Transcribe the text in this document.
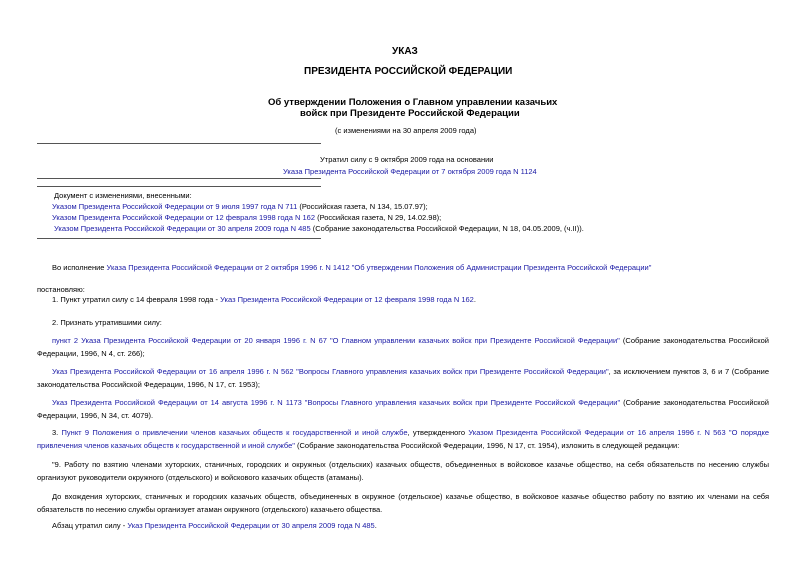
УКАЗ
ПРЕЗИДЕНТА РОССИЙСКОЙ ФЕДЕРАЦИИ
Об утверждении Положения о Главном управлении казачьих
войск при Президенте Российской Федерации
(с изменениями на 30 апреля 2009 года)
Утратил силу с 9 октября 2009 года на основании
Указа Президента Российской Федерации от 7 октября 2009 года N 1124
Документ с изменениями, внесенными:
Указом Президента Российской Федерации от 9 июля 1997 года N 711 (Российская газета, N 134, 15.07.97);
Указом Президента Российской Федерации от 12 февраля 1998 года N 162 (Российская газета, N 29, 14.02.98);
Указом Президента Российской Федерации от 30 апреля 2009 года N 485 (Собрание законодательства Российской Федерации, N 18, 04.05.2009, (ч.II)).
Во исполнение Указа Президента Российской Федерации от 2 октября 1996 г. N 1412 "Об утверждении Положения об Администрации Президента Российской Федерации"
постановляю:
1. Пункт утратил силу с 14 февраля 1998 года - Указ Президента Российской Федерации от 12 февраля 1998 года N 162.
2. Признать утратившими силу:
пункт 2 Указа Президента Российской Федерации от 20 января 1996 г. N 67 "О Главном управлении казачьих войск при Президенте Российской Федерации" (Собрание законодательства Российской Федерации, 1996, N 4, ст. 266);
Указ Президента Российской Федерации от 16 апреля 1996 г. N 562 "Вопросы Главного управления казачьих войск при Президенте Российской Федерации", за исключением пунктов 3, 6 и 7 (Собрание законодательства Российской Федерации, 1996, N 17, ст. 1953);
Указ Президента Российской Федерации от 14 августа 1996 г. N 1173 "Вопросы Главного управления казачьих войск при Президенте Российской Федерации" (Собрание законодательства Российской Федерации, 1996, N 34, ст. 4079).
3. Пункт 9 Положения о привлечении членов казачьих обществ к государственной и иной службе, утвержденного Указом Президента Российской Федерации от 16 апреля 1996 г. N 563 "О порядке привлечения членов казачьих обществ к государственной и иной службе" (Собрание законодательства Российской Федерации, 1996, N 17, ст. 1954), изложить в следующей редакции:
"9. Работу по взятию членами хуторских, станичных, городских и окружных (отдельских) казачьих обществ, объединенных в войсковое казачье общество, на себя обязательств по несению службы организуют руководители окружного (отдельского) и войскового казачьих обществ (атаманы).
До вхождения хуторских, станичных и городских казачьих обществ, объединенных в окружное (отдельское) казачье общество, в войсковое казачье общество работу по взятию их членами на себя обязательств по несению службы организует атаман окружного (отдельского) казачьего общества.
Абзац утратил силу - Указ Президента Российской Федерации от 30 апреля 2009 года N 485.
